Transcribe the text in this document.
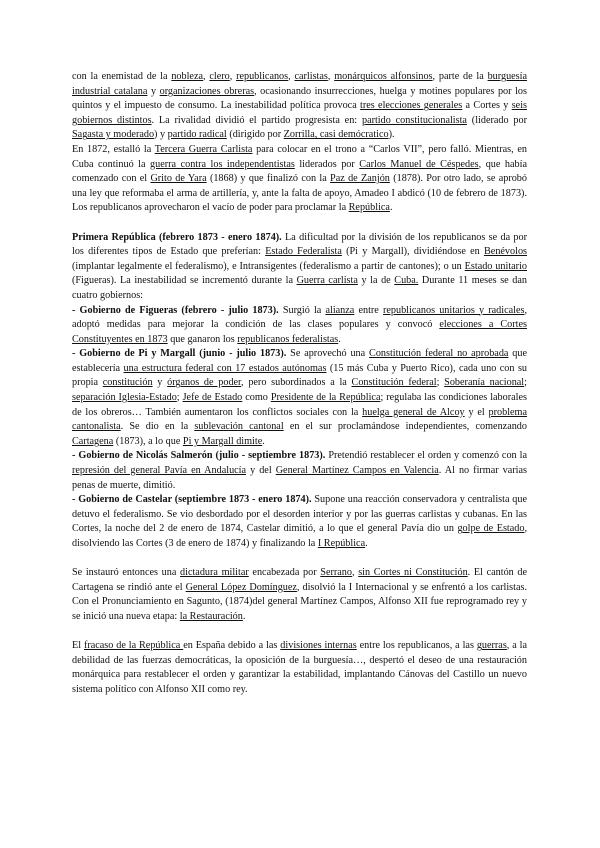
con la enemistad de la nobleza, clero, republicanos, carlistas, monárquicos alfonsinos, parte de la burguesía industrial catalana y organizaciones obreras, ocasionando insurrecciones, huelga y motines populares por los quintos y el impuesto de consumo. La inestabilidad política provoca tres elecciones generales a Cortes y seis gobiernos distintos. La rivalidad dividió el partido progresista en: partido constitucionalista (liderado por Sagasta y moderado) y partido radical (dirigido por Zorrilla, casi demócratico).

En 1872, estalló la Tercera Guerra Carlista para colocar en el trono a “Carlos VII”, pero falló. Mientras, en Cuba continuó la guerra contra los independentistas liderados por Carlos Manuel de Céspedes, que había comenzado con el Grito de Yara (1868) y que finalizó con la Paz de Zanjón (1878). Por otro lado, se aprobó una ley que reformaba el arma de artillería, y, ante la falta de apoyo, Amadeo I abdicó (10 de febrero de 1873). Los republicanos aprovecharon el vacío de poder para proclamar la República.

Primera República (febrero 1873 - enero 1874). La dificultad por la división de los republicanos se da por los diferentes tipos de Estado que preferían: Estado Federalista (Pi y Margall), dividiéndose en Benévolos (implantar legalmente el federalismo), e Intransigentes (federalismo a partir de cantones); o un Estado unitario (Figueras). La inestabilidad se incrementó durante la Guerra carlista y la de Cuba. Durante 11 meses se dan cuatro gobiernos:

- Gobierno de Figueras (febrero - julio 1873). Surgió la alianza entre republicanos unitarios y radicales, adoptó medidas para mejorar la condición de las clases populares y convocó elecciones a Cortes Constituyentes en 1873 que ganaron los republicanos federalistas.

- Gobierno de Pi y Margall (junio - julio 1873). Se aprovechó una Constitución federal no aprobada que establecería una estructura federal con 17 estados autónomas (15 más Cuba y Puerto Rico), cada uno con su propia constitución y órganos de poder, pero subordinados a la Constitución federal; Soberanía nacional; separación Iglesia-Estado; Jefe de Estado como Presidente de la República; regulaba las condiciones laborales de los obreros… También aumentaron los conflictos sociales con la huelga general de Alcoy y el problema cantonalista. Se dio en la sublevación cantonal en el sur proclamándose independientes, comenzando Cartagena (1873), a lo que Pi y Margall dimite.

- Gobierno de Nicolás Salmerón (julio - septiembre 1873). Pretendió restablecer el orden y comenzó con la represión del general Pavía en Andalucía y del General Martínez Campos en Valencia. Al no firmar varias penas de muerte, dimitió.

- Gobierno de Castelar (septiembre 1873 - enero 1874). Supone una reacción conservadora y centralista que detuvo el federalismo. Se vio desbordado por el desorden interior y por las guerras carlistas y cubanas. En las Cortes, la noche del 2 de enero de 1874, Castelar dimitió, a lo que el general Pavía dio un golpe de Estado, disolviendo las Cortes (3 de enero de 1874) y finalizando la I República.

Se instauró entonces una dictadura militar encabezada por Serrano, sin Cortes ni Constitución. El cantón de Cartagena se rindió ante el General López Domínguez, disolvió la I Internacional y se enfrentó a los carlistas. Con el Pronunciamiento en Sagunto, (1874)del general Martínez Campos, Alfonso XII fue reprogramado rey y se inició una nueva etapa: la Restauración.

El fracaso de la República en España debido a las divisiones internas entre los republicanos, a las guerras, a la debilidad de las fuerzas democráticas, la oposición de la burguesía…, despertó el deseo de una restauración monárquica para restablecer el orden y garantizar la estabilidad, implantando Cánovas del Castillo un nuevo sistema político con Alfonso XII como rey.
